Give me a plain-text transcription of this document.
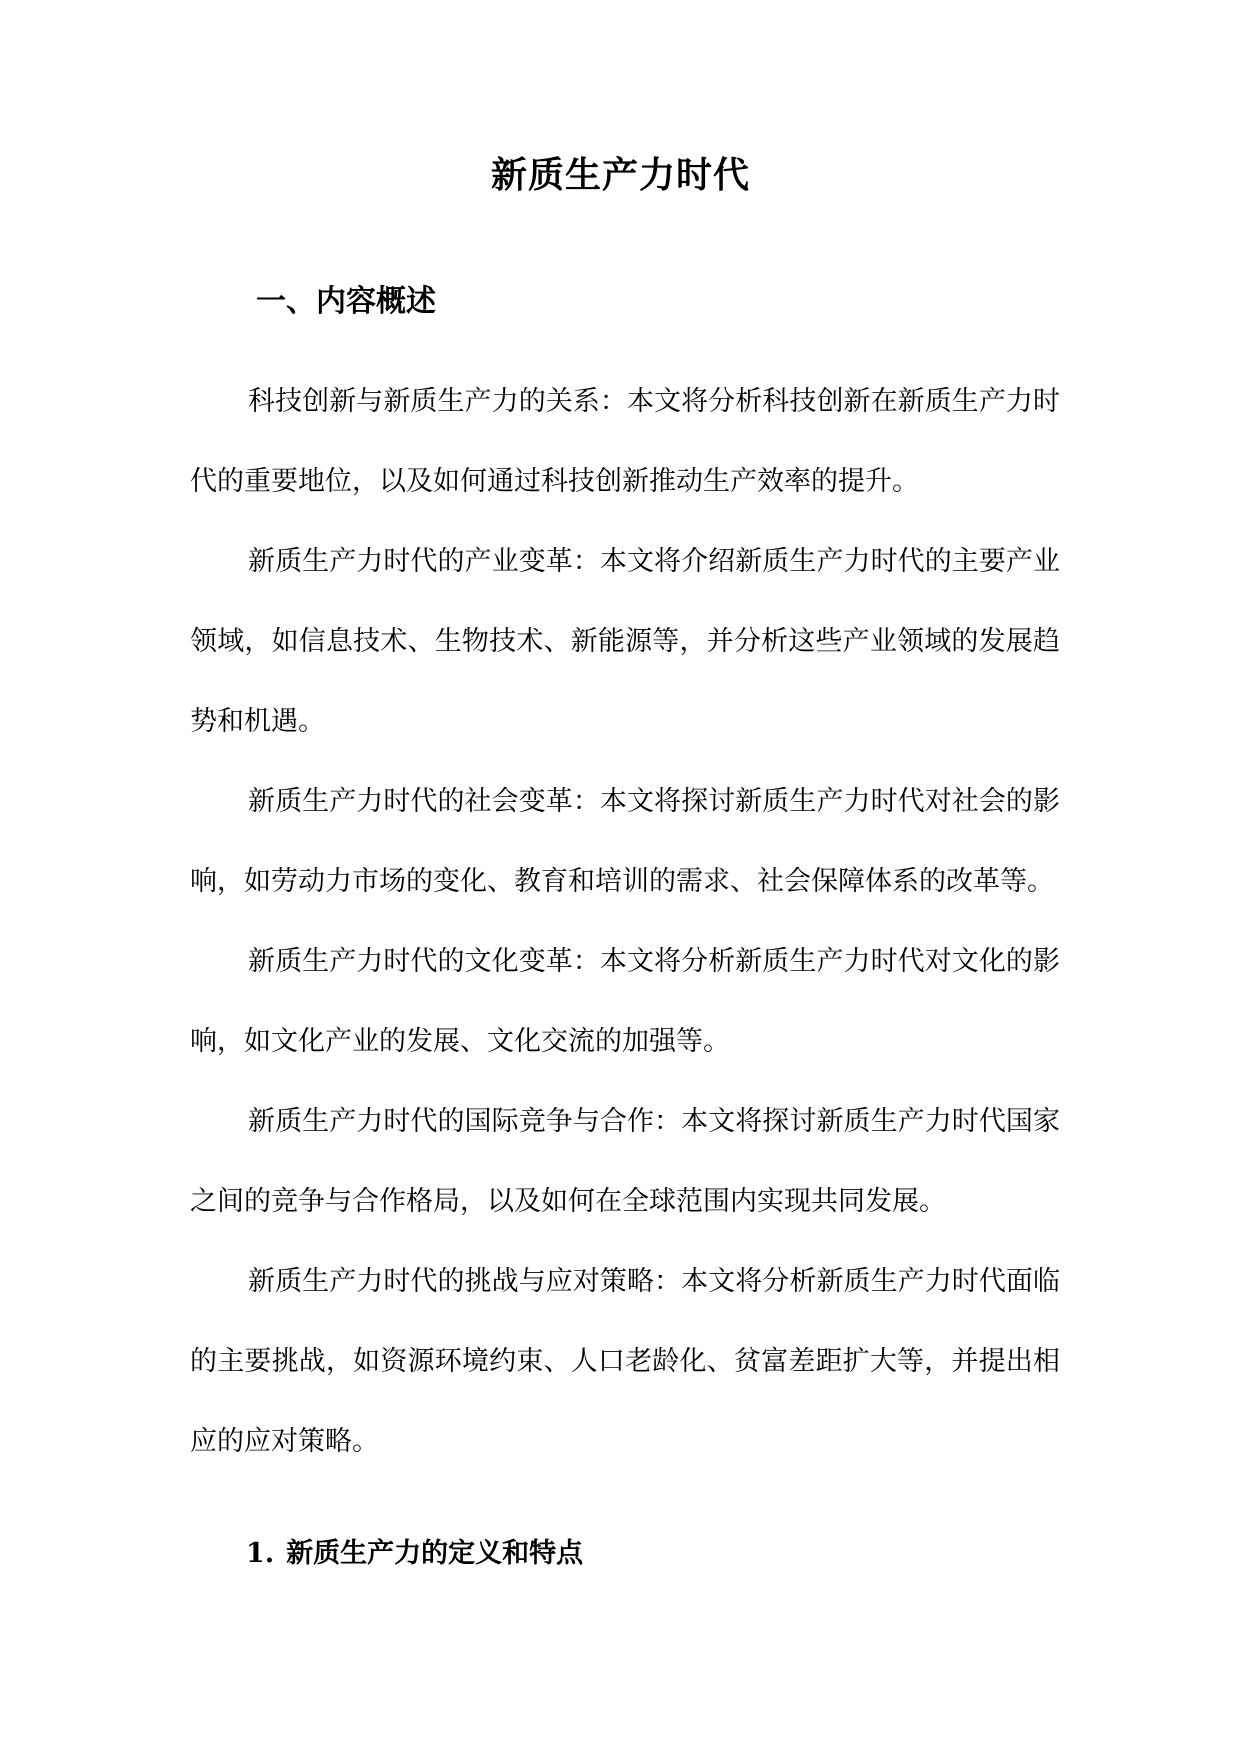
新质生产力时代
一、内容概述

科技创新与新质生产力的关系：本文将分析科技创新在新质生产力时代的重要地位，以及如何通过科技创新推动生产效率的提升。

新质生产力时代的产业变革：本文将介绍新质生产力时代的主要产业领域，如信息技术、生物技术、新能源等，并分析这些产业领域的发展趋势和机遇。

新质生产力时代的社会变革：本文将探讨新质生产力时代对社会的影响，如劳动力市场的变化、教育和培训的需求、社会保障体系的改革等。

新质生产力时代的文化变革：本文将分析新质生产力时代对文化的影响，如文化产业的发展、文化交流的加强等。

新质生产力时代的国际竞争与合作：本文将探讨新质生产力时代国家之间的竞争与合作格局，以及如何在全球范围内实现共同发展。

新质生产力时代的挑战与应对策略：本文将分析新质生产力时代面临的主要挑战，如资源环境约束、人口老龄化、贫富差距扩大等，并提出相应的应对策略。

1. 新质生产力的定义和特点
